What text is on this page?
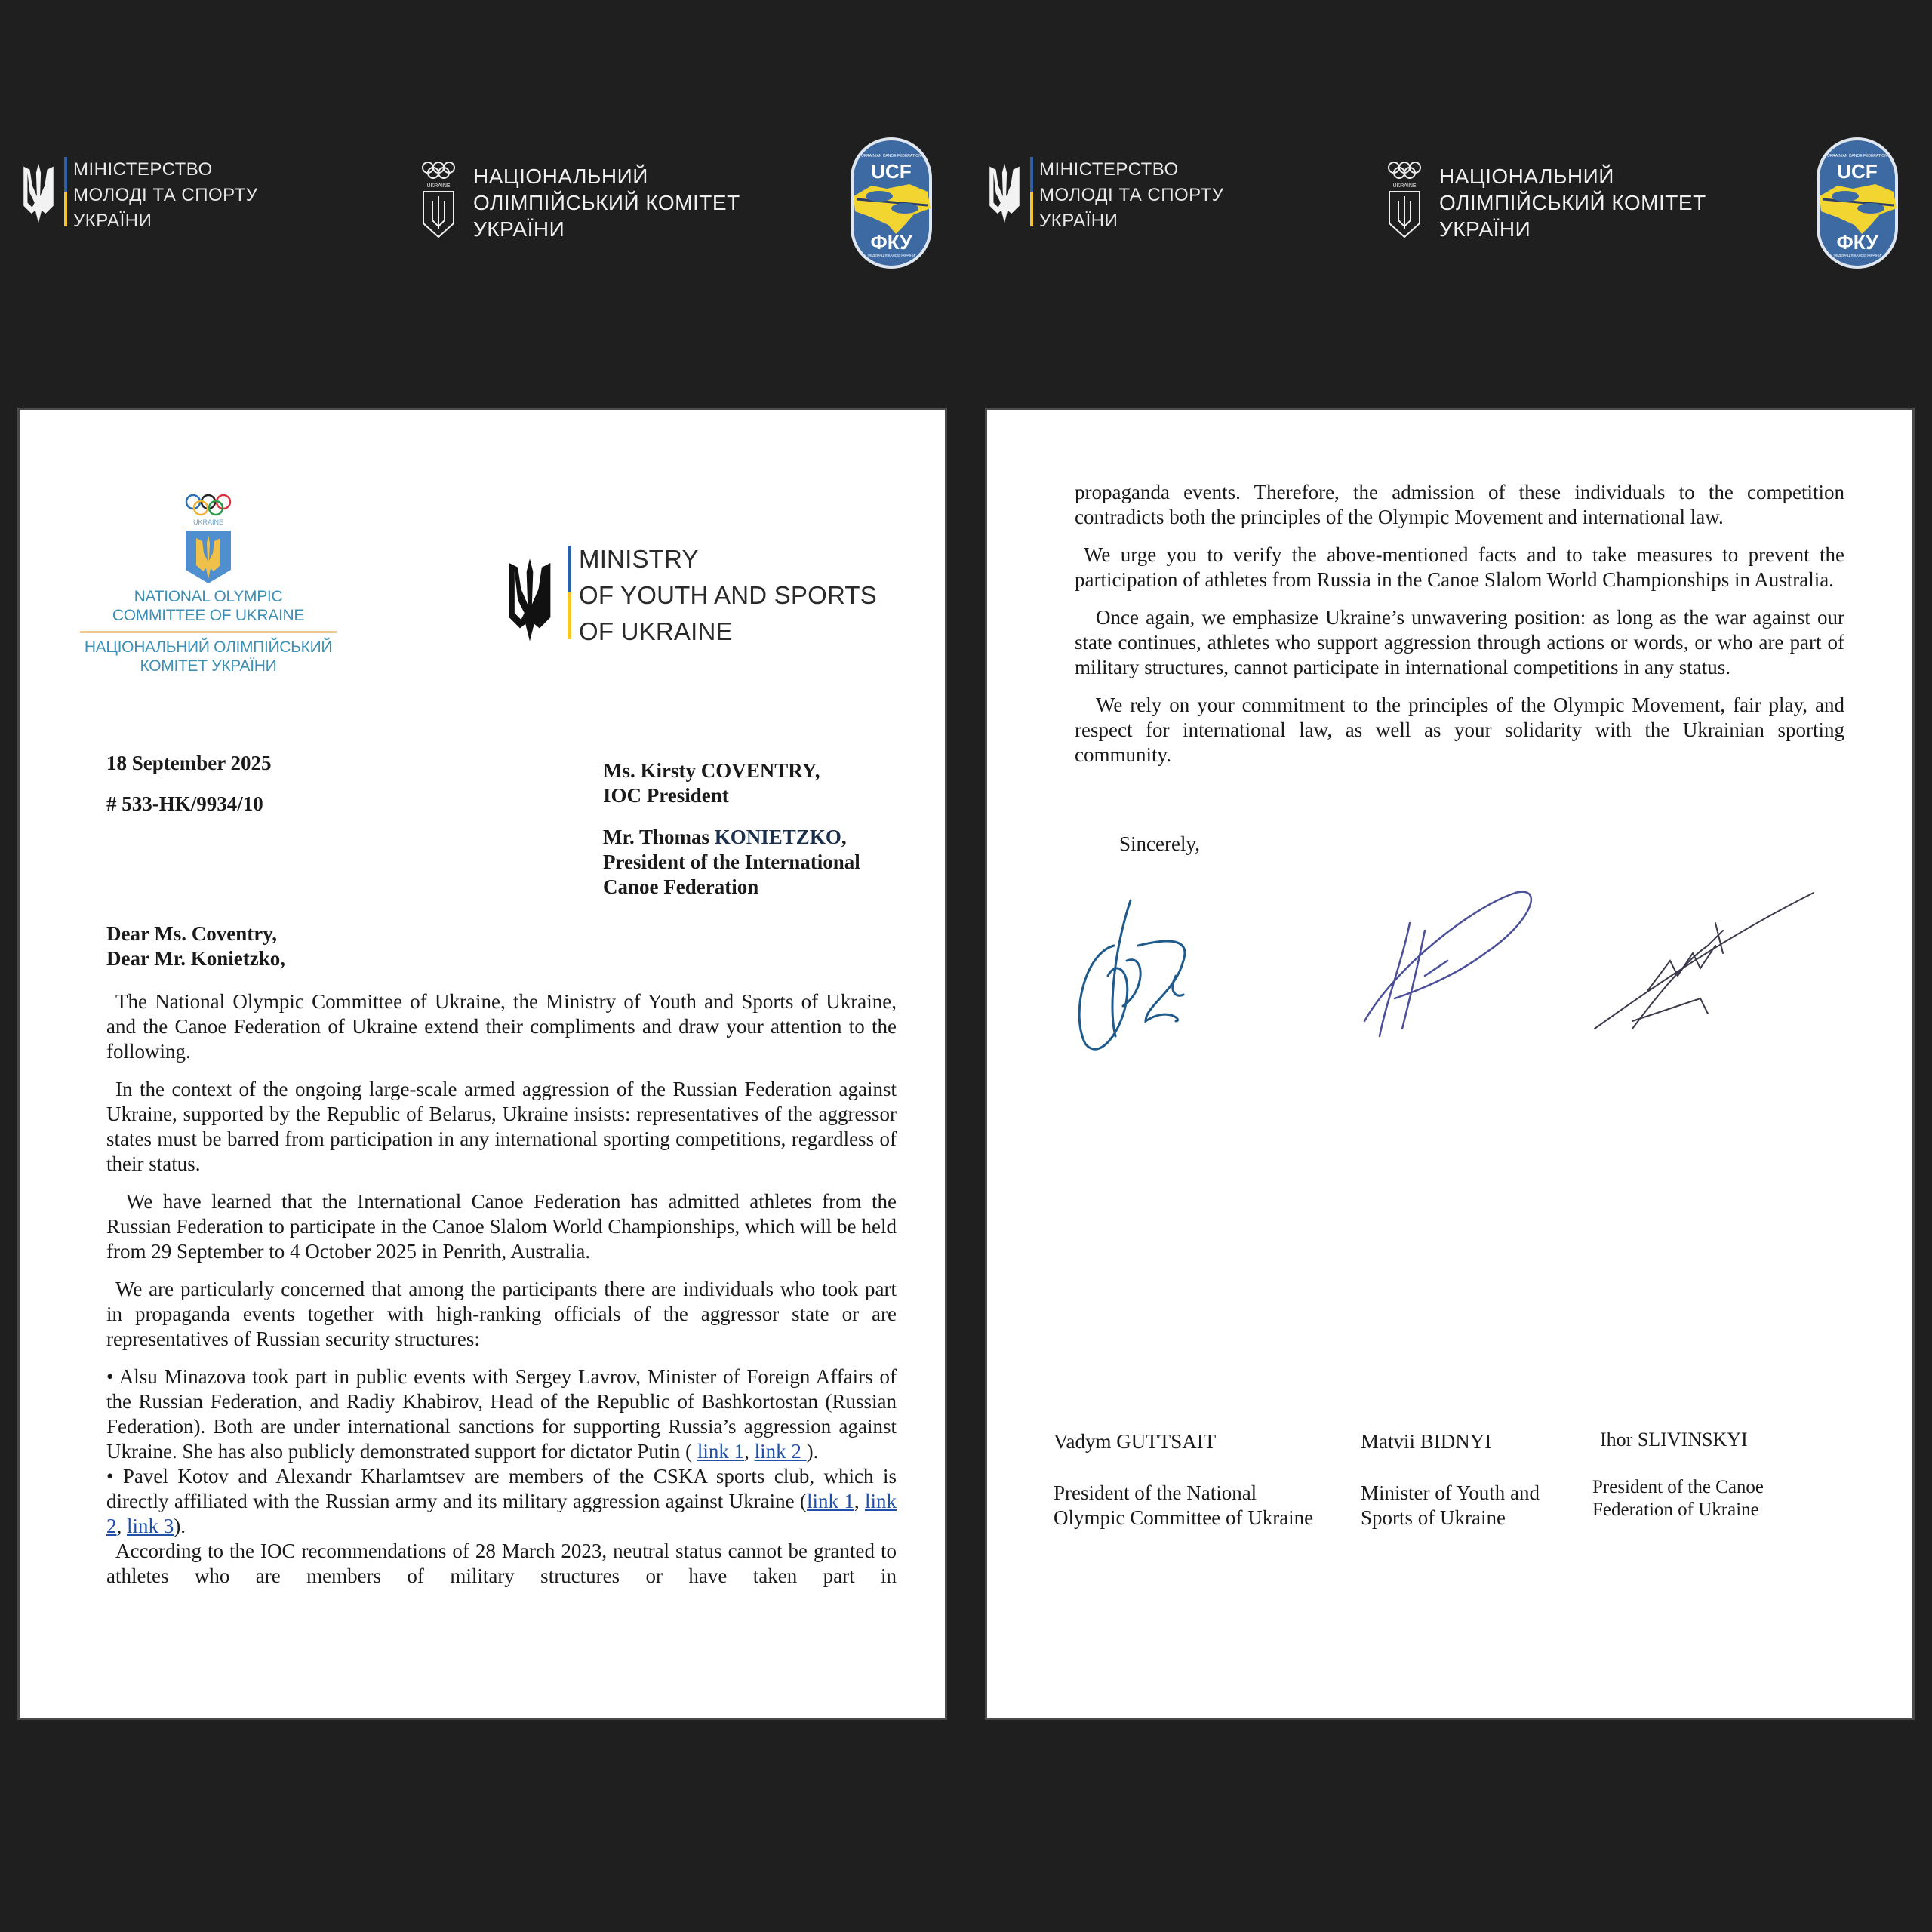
МІНІСТЕРСТВО
МОЛОДІ ТА СПОРТУ
УКРАЇНИ
UKRAINE НАЦІОНАЛЬНИЙ
ОЛІМПІЙСЬКИЙ КОМІТЕТ
УКРАЇНИ
UKRAINIAN CANOE FEDERATION
UCF
ФКУ
ФЕДЕРАЦІЯ КАНОЕ УКРАЇНИ
МІНІСТЕРСТВО
МОЛОДІ ТА СПОРТУ
УКРАЇНИ
UKRAINE НАЦІОНАЛЬНИЙ
ОЛІМПІЙСЬКИЙ КОМІТЕТ
УКРАЇНИ
UKRAINIAN CANOE FEDERATION
UCF
ФКУ
ФЕДЕРАЦІЯ КАНОЕ УКРАЇНИ
UKRAINE
NATIONAL OLYMPIC
COMMITTEE OF UKRAINE
НАЦІОНАЛЬНИЙ ОЛІМПІЙСЬКИЙ
КОМІТЕТ УКРАЇНИ
MINISTRY
OF YOUTH AND SPORTS
OF UKRAINE
18 September 2025
# 533-HK/9934/10
Ms. Kirsty COVENTRY,
IOC President
Mr. Thomas KONIETZKO,
President of the International
Canoe Federation
Dear Ms. Coventry,
Dear Mr. Konietzko,

The National Olympic Committee of Ukraine, the Ministry of Youth and Sports of Ukraine, and the Canoe Federation of Ukraine extend their compliments and draw your attention to the following.

In the context of the ongoing large-scale armed aggression of the Russian Federation against Ukraine, supported by the Republic of Belarus, Ukraine insists: representatives of the aggressor states must be barred from participation in any international sporting competitions, regardless of their status.

We have learned that the International Canoe Federation has admitted athletes from the Russian Federation to participate in the Canoe Slalom World Championships, which will be held from 29 September to 4 October 2025 in Penrith, Australia.

We are particularly concerned that among the participants there are individuals who took part in propaganda events together with high-ranking officials of the aggressor state or are representatives of Russian security structures:

• Alsu Minazova took part in public events with Sergey Lavrov, Minister of Foreign Affairs of the Russian Federation, and Radiy Khabirov, Head of the Republic of Bashkortostan (Russian Federation). Both are under international sanctions for supporting Russia’s aggression against Ukraine. She has also publicly demonstrated support for dictator Putin ( link 1, link 2 ).

• Pavel Kotov and Alexandr Kharlamtsev are members of the CSKA sports club, which is directly affiliated with the Russian army and its military aggression against Ukraine (link 1, link 2, link 3).

According to the IOC recommendations of 28 March 2023, neutral status cannot be granted to athletes who are members of military structures or have taken part in

propaganda events. Therefore, the admission of these individuals to the competition contradicts both the principles of the Olympic Movement and international law.

We urge you to verify the above-mentioned facts and to take measures to prevent the participation of athletes from Russia in the Canoe Slalom World Championships in Australia.

Once again, we emphasize Ukraine’s unwavering position: as long as the war against our state continues, athletes who support aggression through actions or words, or who are part of military structures, cannot participate in international competitions in any status.

We rely on your commitment to the principles of the Olympic Movement, fair play, and respect for international law, as well as your solidarity with the Ukrainian sporting community.

Sincerely,
Vadym GUTTSAIT
President of the National
Olympic Committee of Ukraine
Matvii BIDNYI
Minister of Youth and
Sports of Ukraine
Ihor SLIVINSKYI
President of the Canoe
Federation of Ukraine
